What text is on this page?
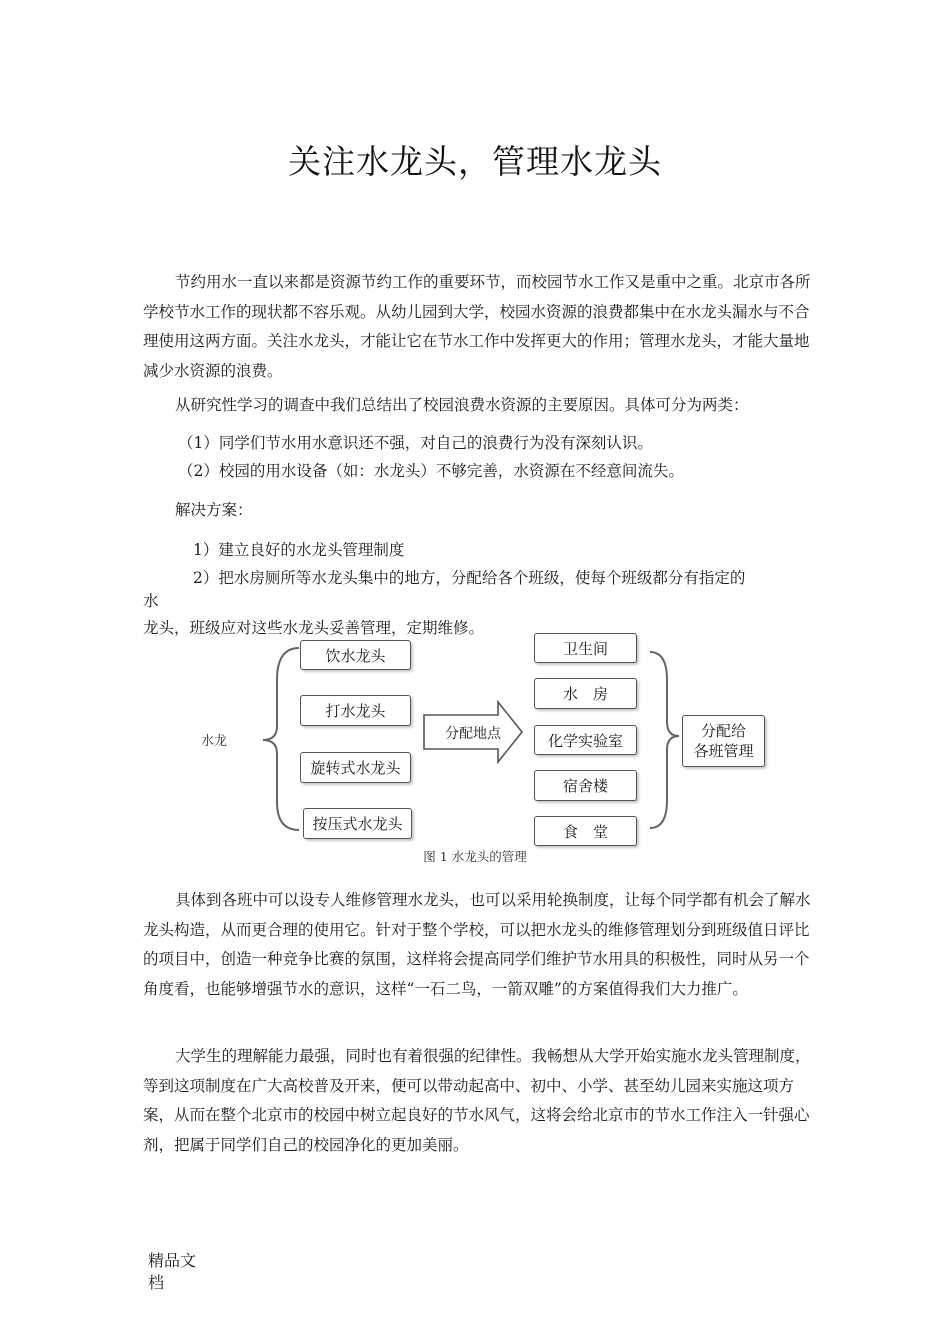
关注水龙头，管理水龙头

节约用水一直以来都是资源节约工作的重要环节，而校园节水工作又是重中之重。北京市各所学校节水工作的现状都不容乐观。从幼儿园到大学，校园水资源的浪费都集中在水龙头漏水与不合理使用这两方面。关注水龙头，才能让它在节水工作中发挥更大的作用；管理水龙头，才能大量地减少水资源的浪费。

从研究性学习的调查中我们总结出了校园浪费水资源的主要原因。具体可分为两类：

（1）同学们节水用水意识还不强，对自己的浪费行为没有深刻认识。
（2）校园的用水设备（如：水龙头）不够完善，水资源在不经意间流失。
解决方案：
1）建立良好的水龙头管理制度
2）把水房厕所等水龙头集中的地方，分配给各个班级，使每个班级都分有指定的
水
龙头，班级应对这些水龙头妥善管理，定期维修。
水龙
饮水龙头
打水龙头
旋转式水龙头
按压式水龙头
分配地点
卫生间
水　房
化学实验室
宿舍楼
食　堂
分配给
各班管理
图 1 水龙头的管理

具体到各班中可以设专人维修管理水龙头，也可以采用轮换制度，让每个同学都有机会了解水龙头构造，从而更合理的使用它。针对于整个学校，可以把水龙头的维修管理划分到班级值日评比的项目中，创造一种竞争比赛的氛围，这样将会提高同学们维护节水用具的积极性，同时从另一个角度看，也能够增强节水的意识，这样“一石二鸟，一箭双雕”的方案值得我们大力推广。

大学生的理解能力最强，同时也有着很强的纪律性。我畅想从大学开始实施水龙头管理制度，等到这项制度在广大高校普及开来，便可以带动起高中、初中、小学、甚至幼儿园来实施这项方案，从而在整个北京市的校园中树立起良好的节水风气，这将会给北京市的节水工作注入一针强心剂，把属于同学们自己的校园净化的更加美丽。

精品文
档
